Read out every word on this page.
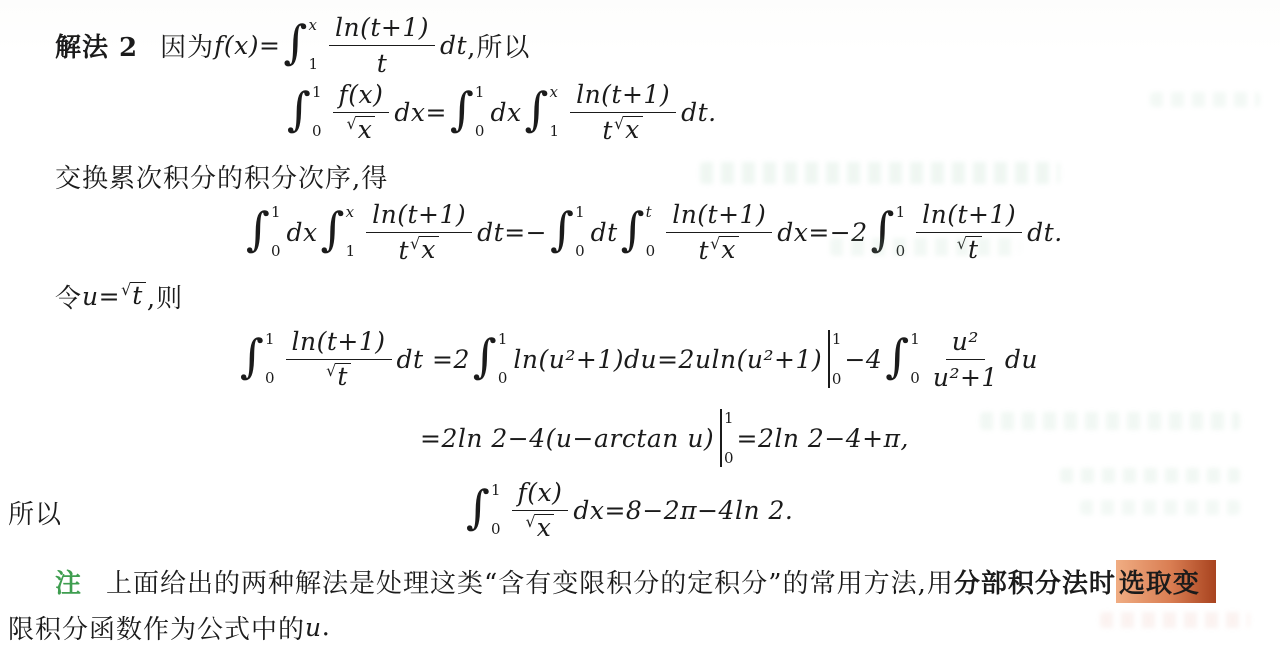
解法 2 因为 f(x)= ∫ x
$1 \frac{\ln(t+1)}{t}$ dt ,所以
∫ 1
$0 \frac{f(x)}{√ x} dx=$ ∫ 1
0
dx ∫ x
$1 \frac{\ln(t+1)}{t √ x}$ dt.
交换累次积分的积分次序,得
∫ 1
0
dx ∫ x
$1 \frac{\ln(t+1)}{t √ x} dt=-$ ∫ 1
0
dt ∫ t
$0 \frac{\ln(t+1)}{t √ x} dx=-2$ ∫ 1
$0 \frac{\ln(t+1)}{√ t}$ dt.
令 u= √ t ,则
∫ 1
$0 \frac{\ln(t+1)}{√ t}$ dt =2 ∫ 1
0
ln(u²+1)du=2uln(u²+1)
1
0
−4 ∫ 1
$0 \frac{\text{u²}}{\text{u²+1}}$ du
=2ln 2−4(u−arctan u)
1
0
=2ln 2−4+π,
所以	∫ 1
$0 \frac{f(x)}{√ x} dx=8-2\pi-4\ln$ 2.
注 上面给出的两种解法是处理这类“含有变限积分的定积分”的常用方法,用 分部积分法时 选取变
限积分函数作为公式中的 u .
